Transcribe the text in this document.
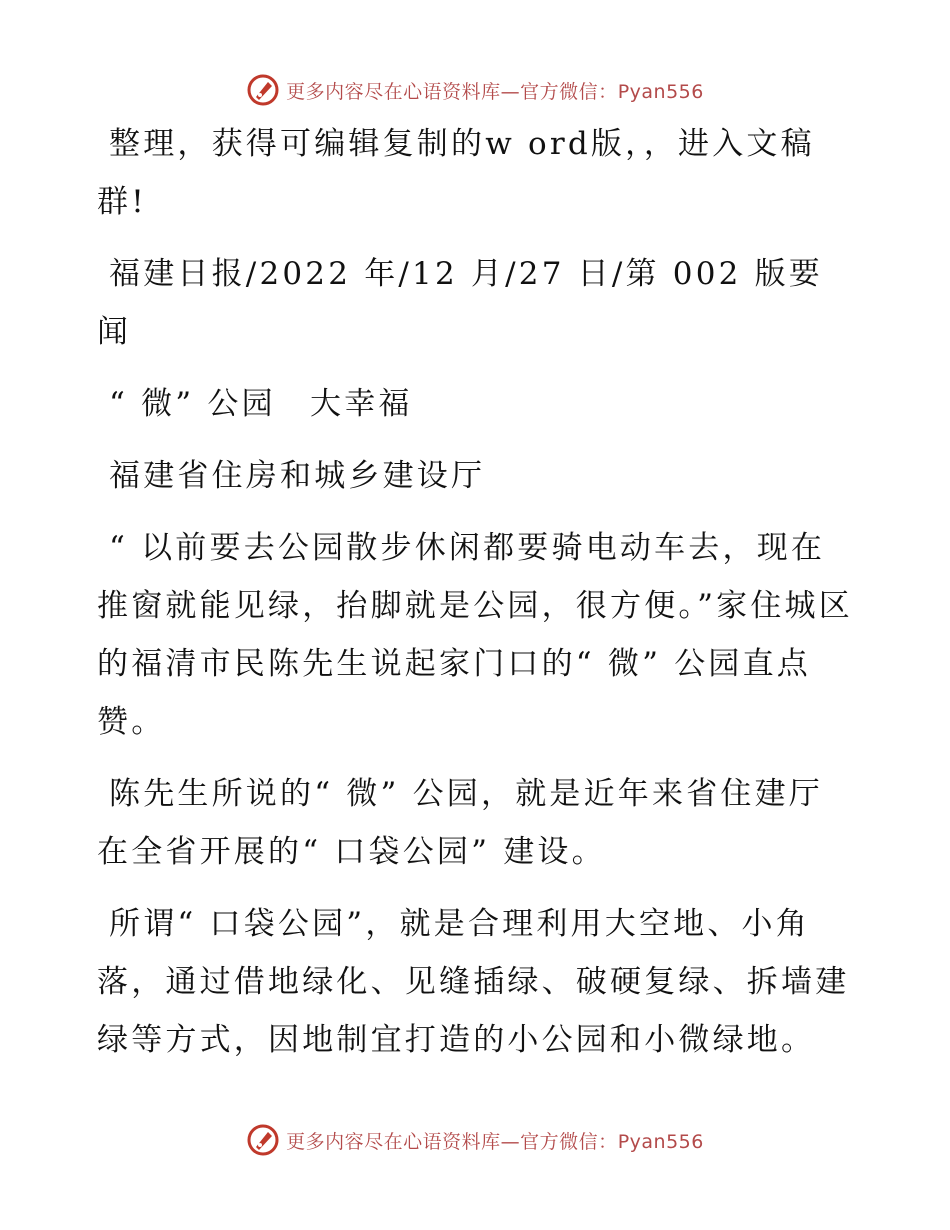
更多内容尽在心语资料库—官方微信：Pyan556

整理，获得可编辑复制的w ord版，，进入文稿群!

福建日报/2022 年/12 月/27 日/第 002 版要闻

“ 微” 公园　大幸福

福建省住房和城乡建设厅

“ 以前要去公园散步休闲都要骑电动车去，现在推窗就能见绿，抬脚就是公园，很方便。”家住城区的福清市民陈先生说起家门口的“ 微” 公园直点赞。

陈先生所说的“ 微” 公园，就是近年来省住建厅在全省开展的“ 口袋公园” 建设。

所谓“ 口袋公园”，就是合理利用大空地、小角落，通过借地绿化、见缝插绿、破硬复绿、拆墙建绿等方式，因地制宜打造的小公园和小微绿地。

更多内容尽在心语资料库—官方微信：Pyan556
